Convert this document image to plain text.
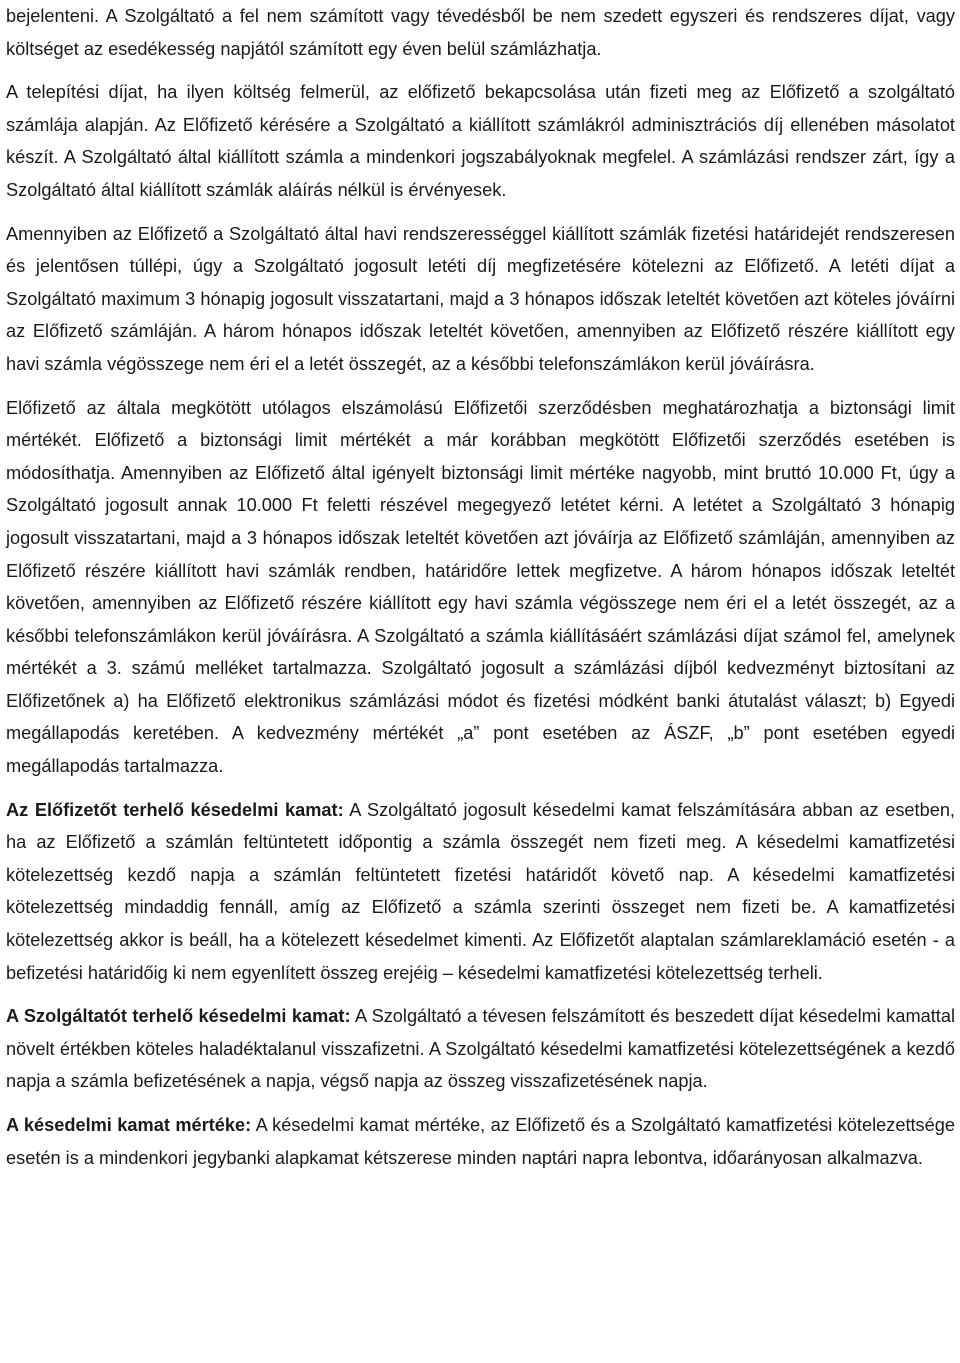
bejelenteni. A Szolgáltató a fel nem számított vagy tévedésből be nem szedett egyszeri és rendszeres díjat, vagy költséget az esedékesség napjától számított egy éven belül számlázhatja.

A telepítési díjat, ha ilyen költség felmerül, az előfizető bekapcsolása után fizeti meg az Előfizető a szolgáltató számlája alapján. Az Előfizető kérésére a Szolgáltató a kiállított számlákról adminisztrációs díj ellenében másolatot készít. A Szolgáltató által kiállított számla a mindenkori jogszabályoknak megfelel. A számlázási rendszer zárt, így a Szolgáltató által kiállított számlák aláírás nélkül is érvényesek.

Amennyiben az Előfizető a Szolgáltató által havi rendszerességgel kiállított számlák fizetési határidejét rendszeresen és jelentősen túllépi, úgy a Szolgáltató jogosult letéti díj megfizetésére kötelezni az Előfizető. A letéti díjat a Szolgáltató maximum 3 hónapig jogosult visszatartani, majd a 3 hónapos időszak leteltét követően azt köteles jóváírni az Előfizető számláján. A három hónapos időszak leteltét követően, amennyiben az Előfizető részére kiállított egy havi számla végösszege nem éri el a letét összegét, az a későbbi telefonszámlákon kerül jóváírásra.

Előfizető az általa megkötött utólagos elszámolású Előfizetői szerződésben meghatározhatja a biztonsági limit mértékét. Előfizető a biztonsági limit mértékét a már korábban megkötött Előfizetői szerződés esetében is módosíthatja. Amennyiben az Előfizető által igényelt biztonsági limit mértéke nagyobb, mint bruttó 10.000 Ft, úgy a Szolgáltató jogosult annak 10.000 Ft feletti részével megegyező letétet kérni. A letétet a Szolgáltató 3 hónapig jogosult visszatartani, majd a 3 hónapos időszak leteltét követően azt jóváírja az Előfizető számláján, amennyiben az Előfizető részére kiállított havi számlák rendben, határidőre lettek megfizetve. A három hónapos időszak leteltét követően, amennyiben az Előfizető részére kiállított egy havi számla végösszege nem éri el a letét összegét, az a későbbi telefonszámlákon kerül jóváírásra. A Szolgáltató a számla kiállításáért számlázási díjat számol fel, amelynek mértékét a 3. számú melléket tartalmazza. Szolgáltató jogosult a számlázási díjból kedvezményt biztosítani az Előfizetőnek a) ha Előfizető elektronikus számlázási módot és fizetési módként banki átutalást választ; b) Egyedi megállapodás keretében. A kedvezmény mértékét „a” pont esetében az ÁSZF, „b” pont esetében egyedi megállapodás tartalmazza.

Az Előfizetőt terhelő késedelmi kamat: A Szolgáltató jogosult késedelmi kamat felszámítására abban az esetben, ha az Előfizető a számlán feltüntetett időpontig a számla összegét nem fizeti meg. A késedelmi kamatfizetési kötelezettség kezdő napja a számlán feltüntetett fizetési határidőt követő nap. A késedelmi kamatfizetési kötelezettség mindaddig fennáll, amíg az Előfizető a számla szerinti összeget nem fizeti be. A kamatfizetési kötelezettség akkor is beáll, ha a kötelezett késedelmet kimenti. Az Előfizetőt alaptalan számlareklamáció esetén - a befizetési határidőig ki nem egyenlített összeg erejéig – késedelmi kamatfizetési kötelezettség terheli.

A Szolgáltatót terhelő késedelmi kamat: A Szolgáltató a tévesen felszámított és beszedett díjat késedelmi kamattal növelt értékben köteles haladéktalanul visszafizetni. A Szolgáltató késedelmi kamatfizetési kötelezettségének a kezdő napja a számla befizetésének a napja, végső napja az összeg visszafizetésének napja.

A késedelmi kamat mértéke: A késedelmi kamat mértéke, az Előfizető és a Szolgáltató kamatfizetési kötelezettsége esetén is a mindenkori jegybanki alapkamat kétszerese minden naptári napra lebontva, időarányosan alkalmazva.
